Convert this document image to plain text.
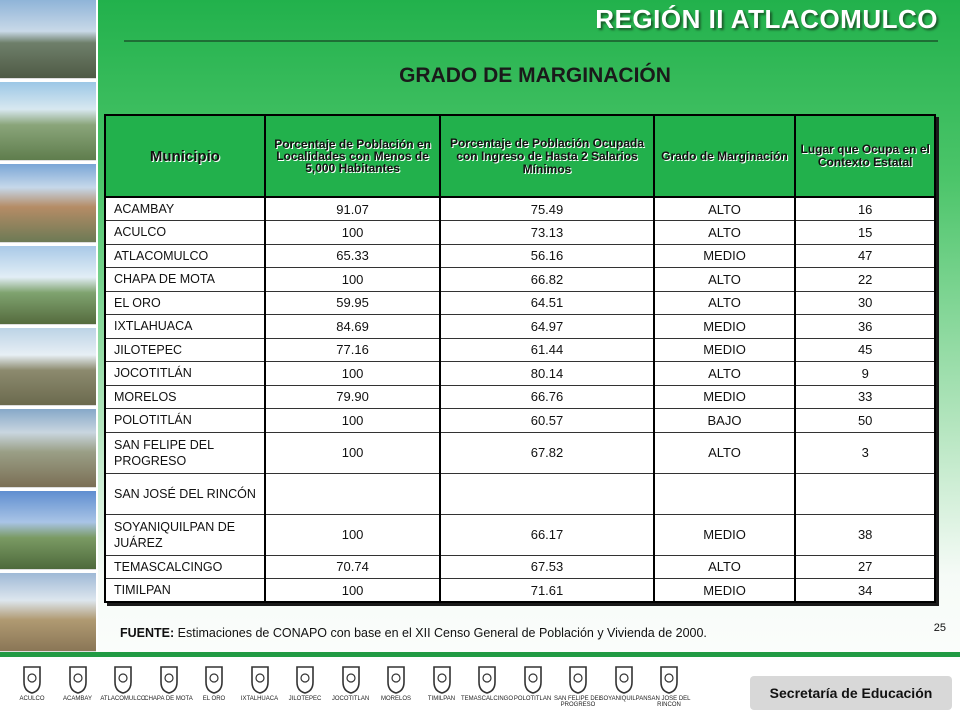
REGIÓN II ATLACOMULCO
GRADO DE MARGINACIÓN
Municipio	Porcentaje de Población en Localidades con Menos de 5,000 Habitantes	Porcentaje de Población Ocupada con Ingreso de Hasta 2 Salarios Mínimos	Grado de Marginación	Lugar que Ocupa en el Contexto Estatal
ACAMBAY	91.07	75.49	ALTO	16
ACULCO	100	73.13	ALTO	15
ATLACOMULCO	65.33	56.16	MEDIO	47
CHAPA DE MOTA	100	66.82	ALTO	22
EL ORO	59.95	64.51	ALTO	30
IXTLAHUACA	84.69	64.97	MEDIO	36
JILOTEPEC	77.16	61.44	MEDIO	45
JOCOTITLÁN	100	80.14	ALTO	9
MORELOS	79.90	66.76	MEDIO	33
POLOTITLÁN	100	60.57	BAJO	50
SAN FELIPE DEL PROGRESO	100	67.82	ALTO	3
SAN JOSÉ DEL RINCÓN				
SOYANIQUILPAN DE JUÁREZ	100	66.17	MEDIO	38
TEMASCALCINGO	70.74	67.53	ALTO	27
TIMILPAN	100	71.61	MEDIO	34
FUENTE: Estimaciones de CONAPO con base en el XII Censo General de Población y Vivienda de 2000.	25
ACULCO	ACAMBAY	ATLACOMULCO
CHAPA DE MOTA	EL ORO	IXTALHUACA	JILOTEPEC	JOCOTITLAN	MORELOS	TIMILPAN TEMASCALCINGO POLOTITLAN SAN FELIPE DEL PROGRESO
SOYANIQUILPAN SAN JOSE DEL RINCON
Secretaría de Educación
